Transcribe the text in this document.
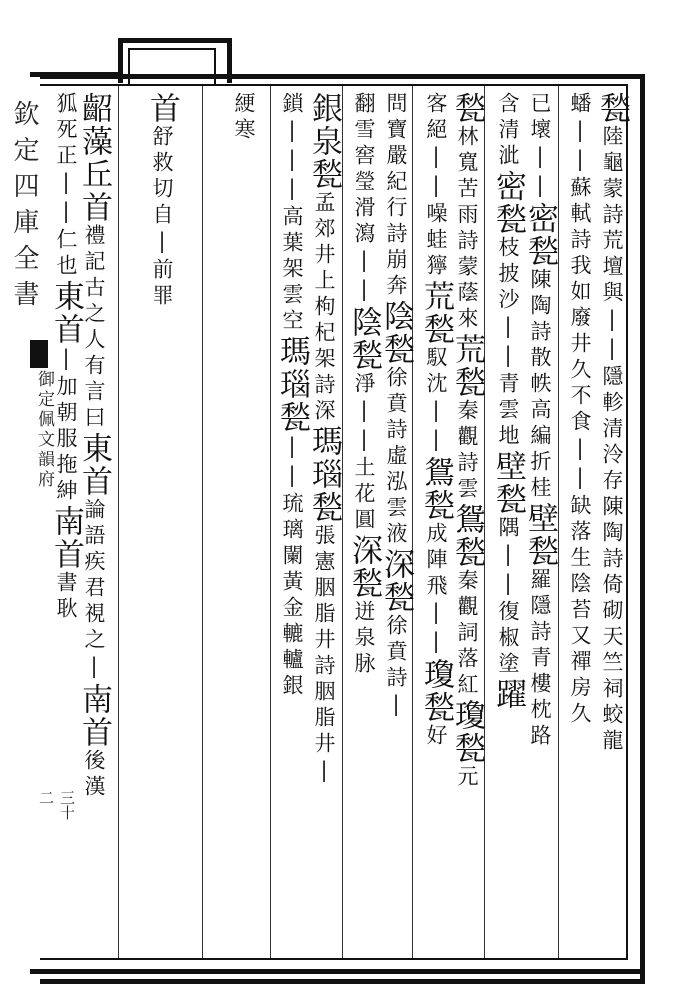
欽定四庫全書
御定佩文韻府
三十二
甃陸龜蒙詩荒壇與||隱軫清泠存陳陶詩倚砌天竺祠蛟龍
蟠||蘇軾詩我如廢井久不食||缺落生陰苔又禪房久
已壞||密甃陳陶詩散帙高編折桂壁甃羅隱詩青樓枕路
含清泚密甃枝披沙||青雲地壁甃隅||復椒塗躍
甃林寬苦雨詩蒙蔭來荒甃秦觀詩雲鴛甃秦觀詞落紅瓊甃元
客絕||噪蛙獰荒甃馭沈||鴛甃成陣飛||瓊甃好
問寶嚴紀行詩崩奔陰甃徐賁詩虛泓雲液深甃徐賁詩|
翻雪窖瑩滑瀉||陰甃淨||土花圓深甃迸泉脉
銀泉甃孟郊井上枸杞架詩深瑪瑙甃張憲胭脂井詩胭脂井|
鎖|||高葉架雲空瑪瑙甃||琉璃闌黃金轆轤銀
綆寒
首舒救切自|前罪
齠藻丘首禮記古之人有言曰東首論語疾君視之|南首後漢
狐死正||仁也東首|加朝服拖紳南首書耿
